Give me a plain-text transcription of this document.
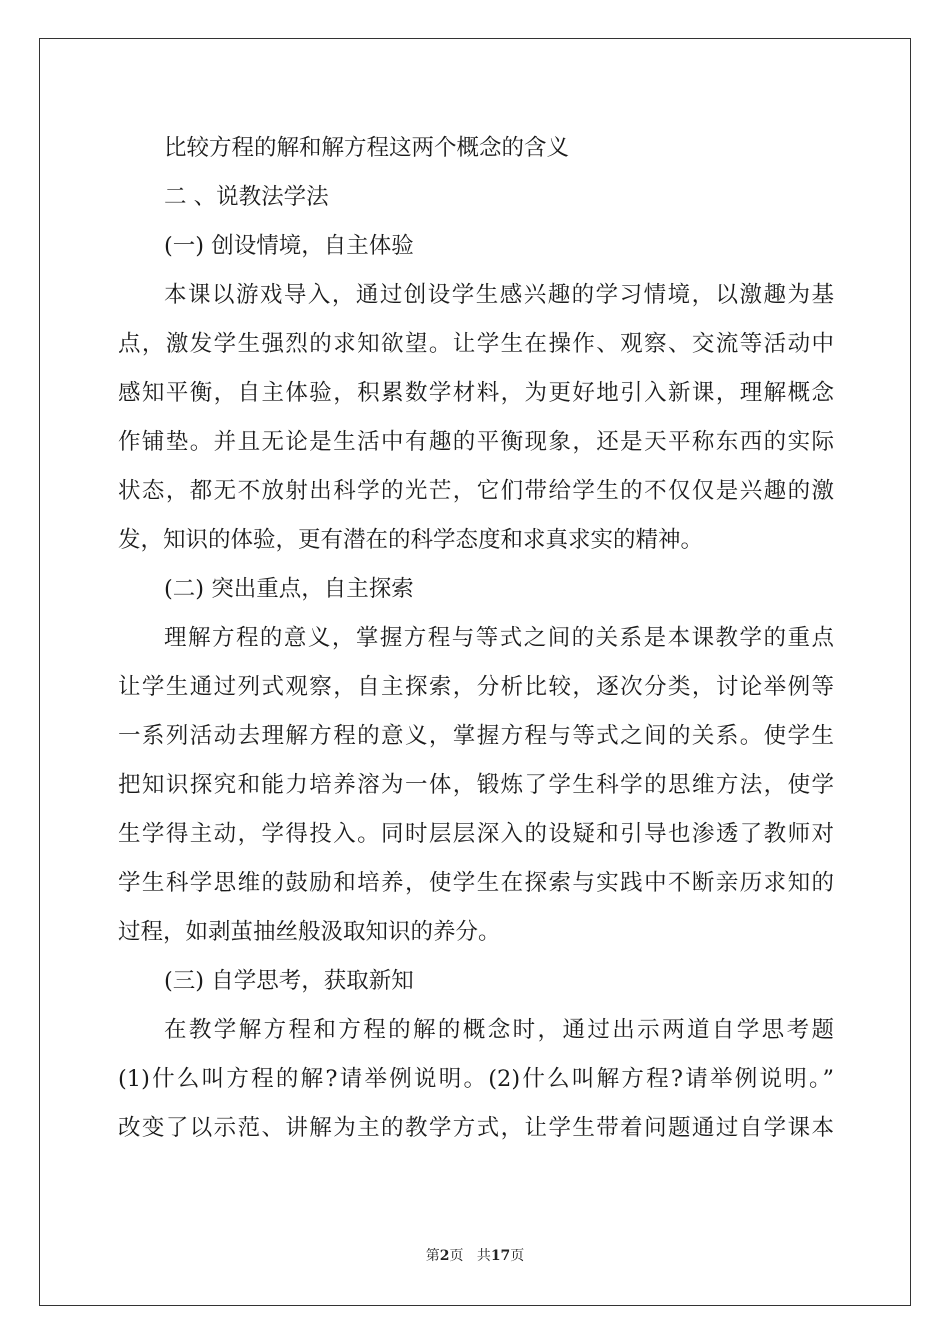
比较方程的解和解方程这两个概念的含义
二 、说教法学法
(一) 创设情境，自主体验
本课以游戏导入，通过创设学生感兴趣的学习情境，以激趣为基
点，激发学生强烈的求知欲望。让学生在操作、观察、交流等活动中
感知平衡，自主体验，积累数学材料，为更好地引入新课，理解概念
作铺垫。并且无论是生活中有趣的平衡现象，还是天平称东西的实际
状态，都无不放射出科学的光芒，它们带给学生的不仅仅是兴趣的激
发，知识的体验，更有潜在的科学态度和求真求实的精神。
(二) 突出重点，自主探索
理解方程的意义，掌握方程与等式之间的关系是本课教学的重点
让学生通过列式观察，自主探索，分析比较，逐次分类，讨论举例等
一系列活动去理解方程的意义，掌握方程与等式之间的关系。使学生
把知识探究和能力培养溶为一体，锻炼了学生科学的思维方法，使学
生学得主动，学得投入。同时层层深入的设疑和引导也渗透了教师对
学生科学思维的鼓励和培养，使学生在探索与实践中不断亲历求知的
过程，如剥茧抽丝般汲取知识的养分。
(三) 自学思考，获取新知
在教学解方程和方程的解的概念时，通过出示两道自学思考题
(1)什么叫方程的解?请举例说明。(2)什么叫解方程?请举例说明。”
改变了以示范、讲解为主的教学方式，让学生带着问题通过自学课本
第2页 共17页
